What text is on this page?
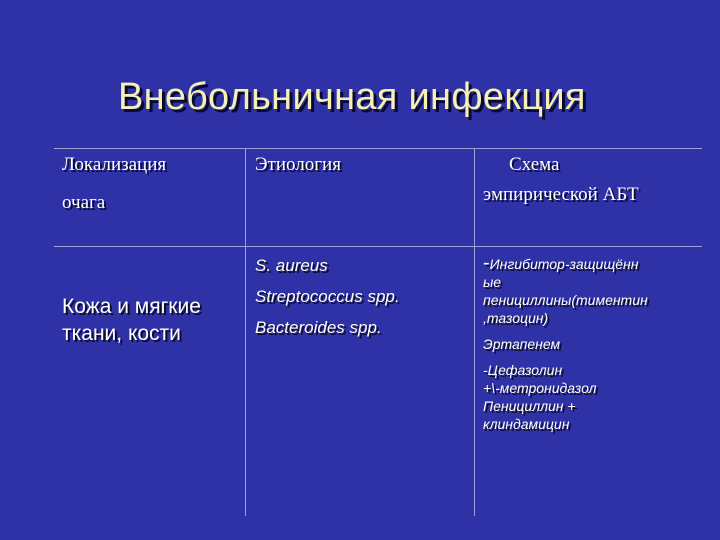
Внебольничная инфекция
Локализация
очага
Этиология	Схема
эмпирической АБТ
Кожа и мягкие
ткани, кости
S. aureus
Streptococcus spp.
Bacteroides spp.

-Ингибитор-защищённ
ые
пенициллины(тиментин
,тазоцин)

Эртапенем

-Цефазолин
+\-метронидазол
Пенициллин +
клиндамицин
